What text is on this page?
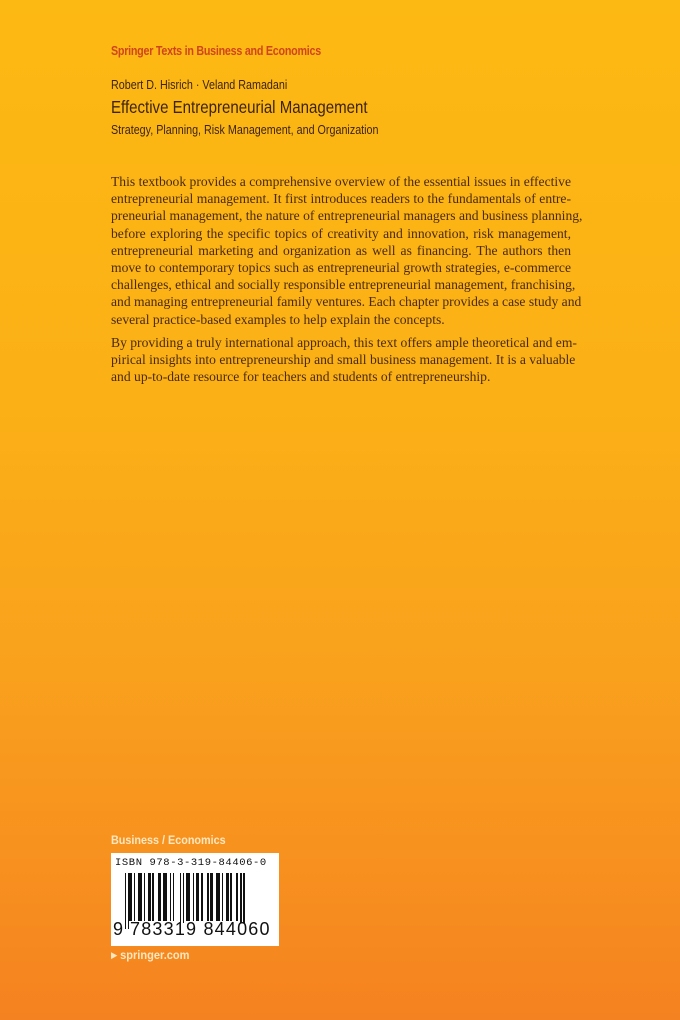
Springer Texts in Business and Economics
Robert D. Hisrich · Veland Ramadani
Effective Entrepreneurial Management
Strategy, Planning, Risk Management, and Organization

This textbook provides a comprehensive overview of the essential issues in effective
entrepreneurial management. It first introduces readers to the fundamentals of entre-
preneurial management, the nature of entrepreneurial managers and business planning,
before exploring the specific topics of creativity and innovation, risk management,
entrepreneurial marketing and organization as well as financing. The authors then
move to contemporary topics such as entrepreneurial growth strategies, e-commerce
challenges, ethical and socially responsible entrepreneurial management, franchising,
and managing entrepreneurial family ventures. Each chapter provides a case study and
several practice-based examples to help explain the concepts.

By providing a truly international approach, this text offers ample theoretical and em-
pirical insights into entrepreneurship and small business management. It is a valuable
and up-to-date resource for teachers and students of entrepreneurship.

Business / Economics
ISBN 978-3-319-84406-0
9 783319 844060
▶ springer.com
